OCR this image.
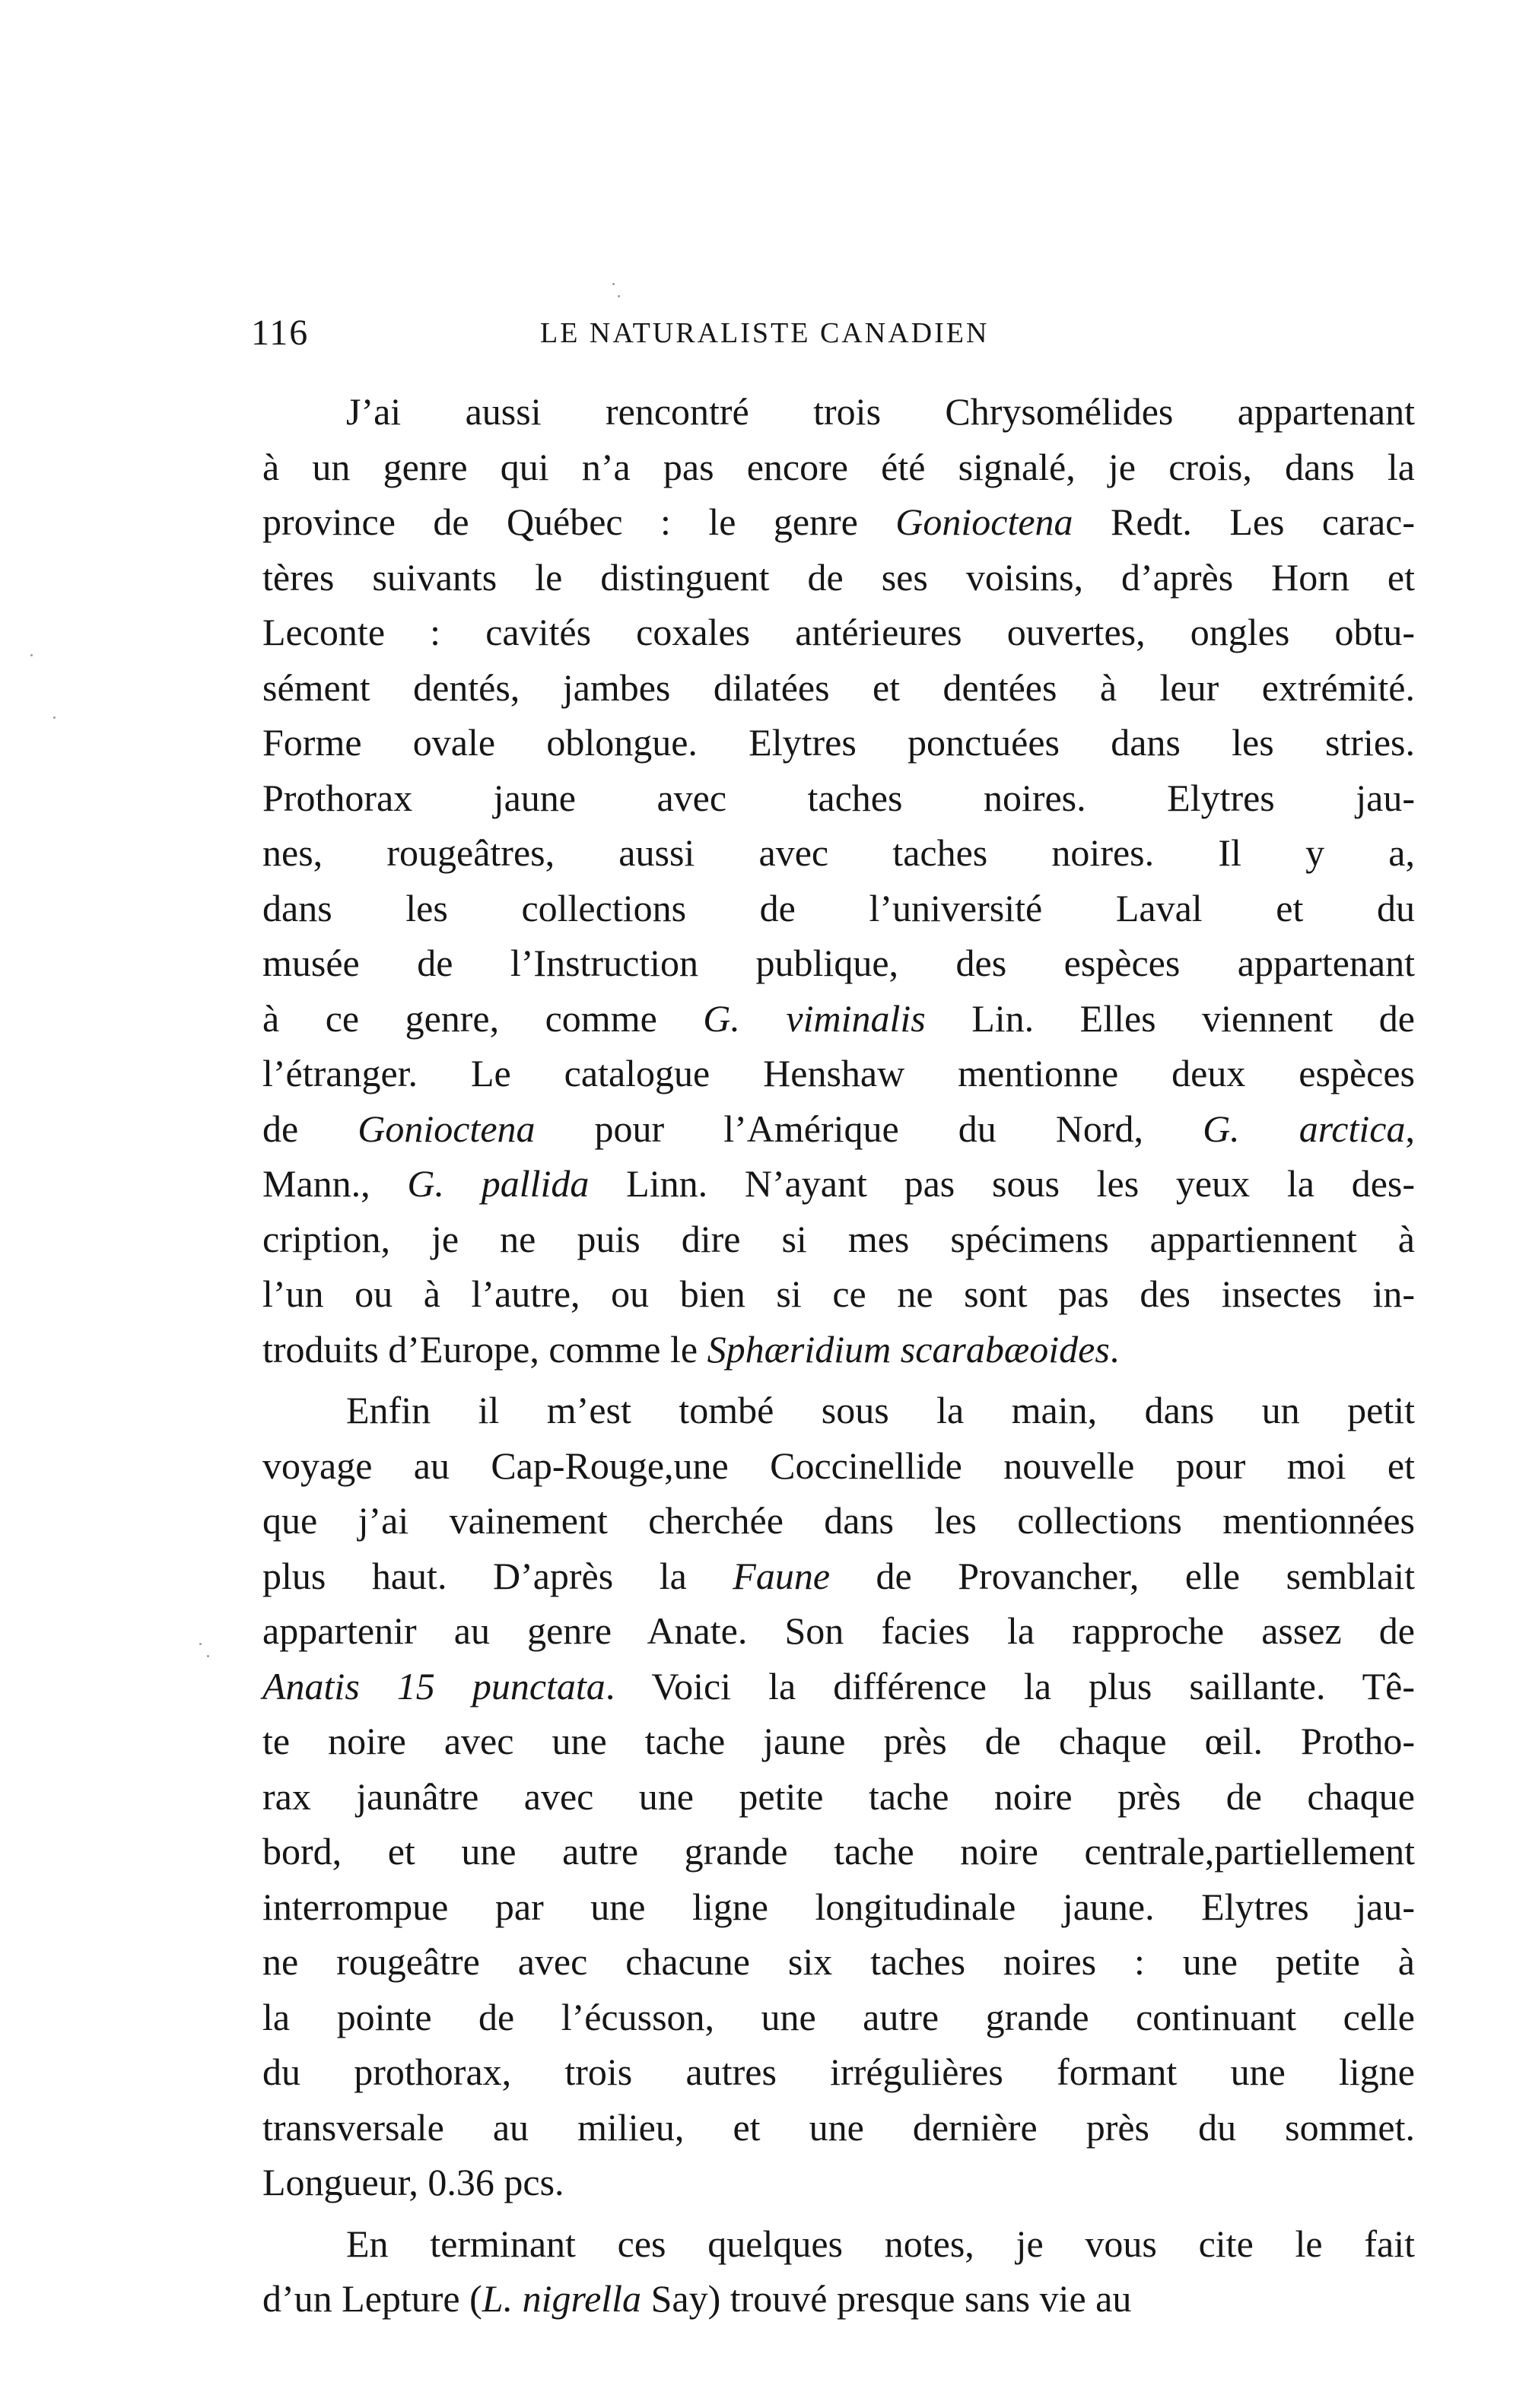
116	LE NATURALISTE CANADIEN
J’ai aussi rencontré trois Chrysomélides appartenant
à un genre qui n’a pas encore été signalé, je crois, dans la
province de Québec : le genre Gonioctena Redt. Les carac-
tères suivants le distinguent de ses voisins, d’après Horn et
Leconte : cavités coxales antérieures ouvertes, ongles obtu-
sément dentés, jambes dilatées et dentées à leur extrémité.
Forme ovale oblongue. Elytres ponctuées dans les stries.
Prothorax jaune avec taches noires. Elytres jau-
nes, rougeâtres, aussi avec taches noires. Il y a,
dans les collections de l’université Laval et du
musée de l’Instruction publique, des espèces appartenant
à ce genre, comme G. viminalis Lin. Elles viennent de
l’étranger. Le catalogue Henshaw mentionne deux espèces
de Gonioctena pour l’Amérique du Nord, G. arctica,
Mann., G. pallida Linn. N’ayant pas sous les yeux la des-
cription, je ne puis dire si mes spécimens appartiennent à
l’un ou à l’autre, ou bien si ce ne sont pas des insectes in-
troduits d’Europe, comme le Sphæridium scarabæoides.
Enfin il m’est tombé sous la main, dans un petit
voyage au Cap-Rouge,une Coccinellide nouvelle pour moi et
que j’ai vainement cherchée dans les collections mentionnées
plus haut. D’après la Faune de Provancher, elle semblait
appartenir au genre Anate. Son facies la rapproche assez de
Anatis 15 punctata. Voici la différence la plus saillante. Tê-
te noire avec une tache jaune près de chaque œil. Protho-
rax jaunâtre avec une petite tache noire près de chaque
bord, et une autre grande tache noire centrale,partiellement
interrompue par une ligne longitudinale jaune. Elytres jau-
ne rougeâtre avec chacune six taches noires : une petite à
la pointe de l’écusson, une autre grande continuant celle
du prothorax, trois autres irrégulières formant une ligne
transversale au milieu, et une dernière près du sommet.
Longueur, 0.36 pcs.
En terminant ces quelques notes, je vous cite le fait
d’un Lepture (L. nigrella Say) trouvé presque sans vie au
